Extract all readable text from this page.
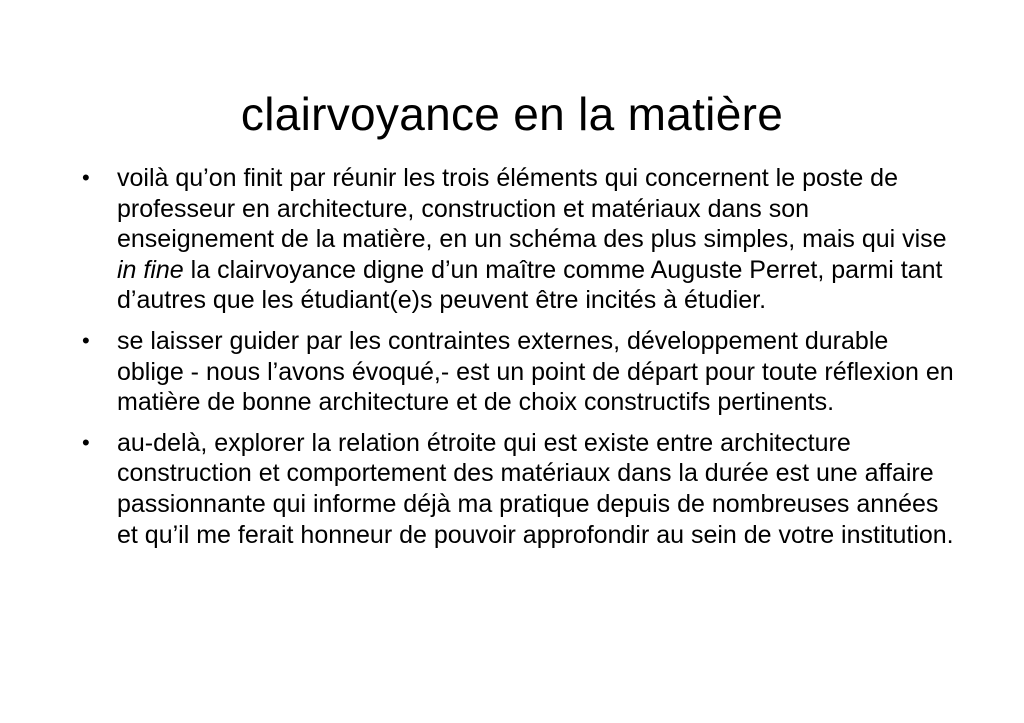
clairvoyance en la matière
• voilà qu’on finit par réunir les trois éléments qui concernent le poste de professeur en architecture, construction et matériaux dans son enseignement de la matière, en un schéma des plus simples, mais qui vise in fine la clairvoyance digne d’un maître comme Auguste Perret, parmi tant d’autres que les étudiant(e)s peuvent être incités à étudier.
• se laisser guider par les contraintes externes, développement durable oblige - nous l’avons évoqué,- est un point de départ pour toute réflexion en matière de bonne architecture et de choix constructifs pertinents.
• au-delà, explorer la relation étroite qui est existe entre architecture construction et comportement des matériaux dans la durée est une affaire passionnante qui informe déjà ma pratique depuis de nombreuses années et qu’il me ferait honneur de pouvoir approfondir au sein de votre institution.
